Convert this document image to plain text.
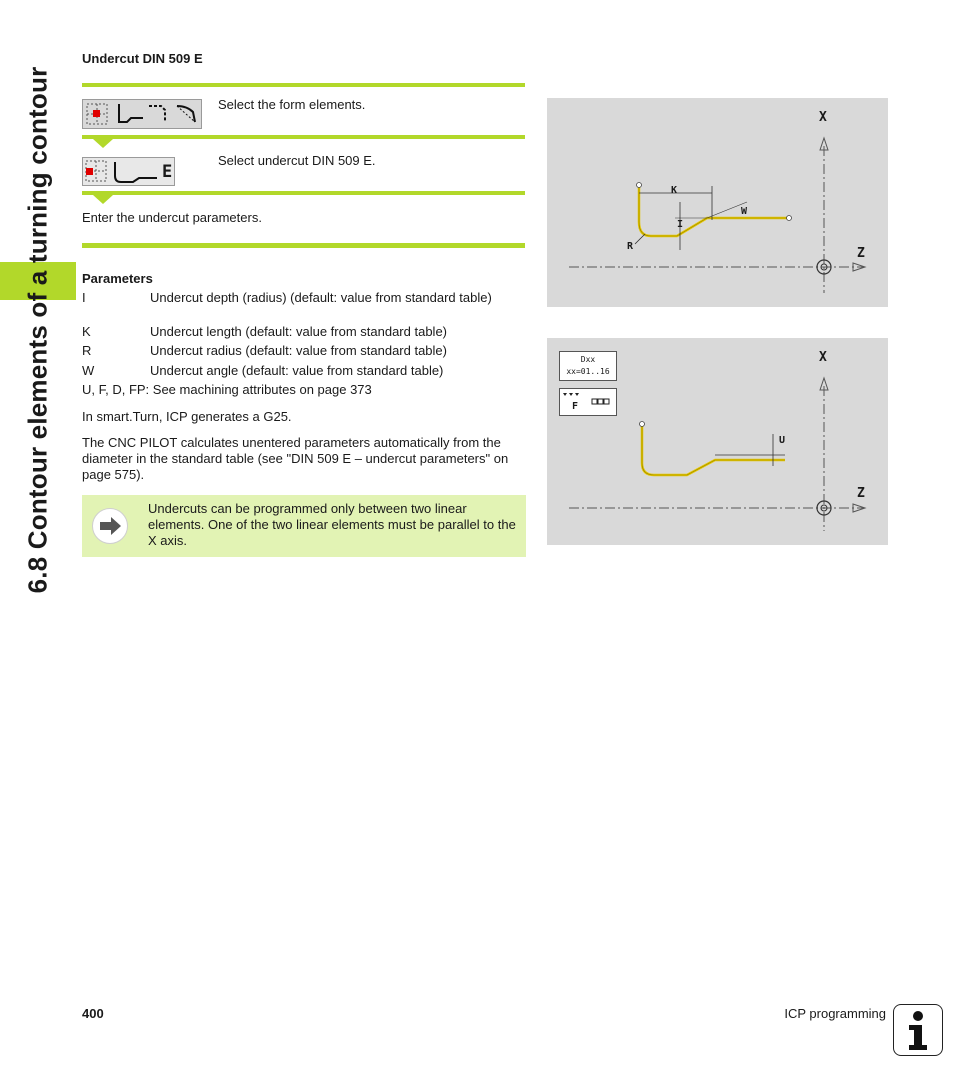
6.8 Contour elements of a turning contour
Undercut DIN 509 E
Select the form elements.
E
Select undercut DIN 509 E.
Enter the undercut parameters.
Parameters
I	Undercut depth (radius) (default: value from standard table)
K	Undercut length (default: value from standard table)
R	Undercut radius (default: value from standard table)
W	Undercut angle (default: value from standard table)
U, F, D, FP: See machining attributes on page 373
In smart.Turn, ICP generates a G25.
The CNC PILOT calculates unentered parameters automatically from the diameter in the standard table (see "DIN 509 E – undercut parameters" on page 575).
Undercuts can be programmed only between two linear elements. One of the two linear elements must be parallel to the X axis.
X
Z
K
W
I
R
X
Z
U
Dxx
xx=01..16
F
400	ICP programming
